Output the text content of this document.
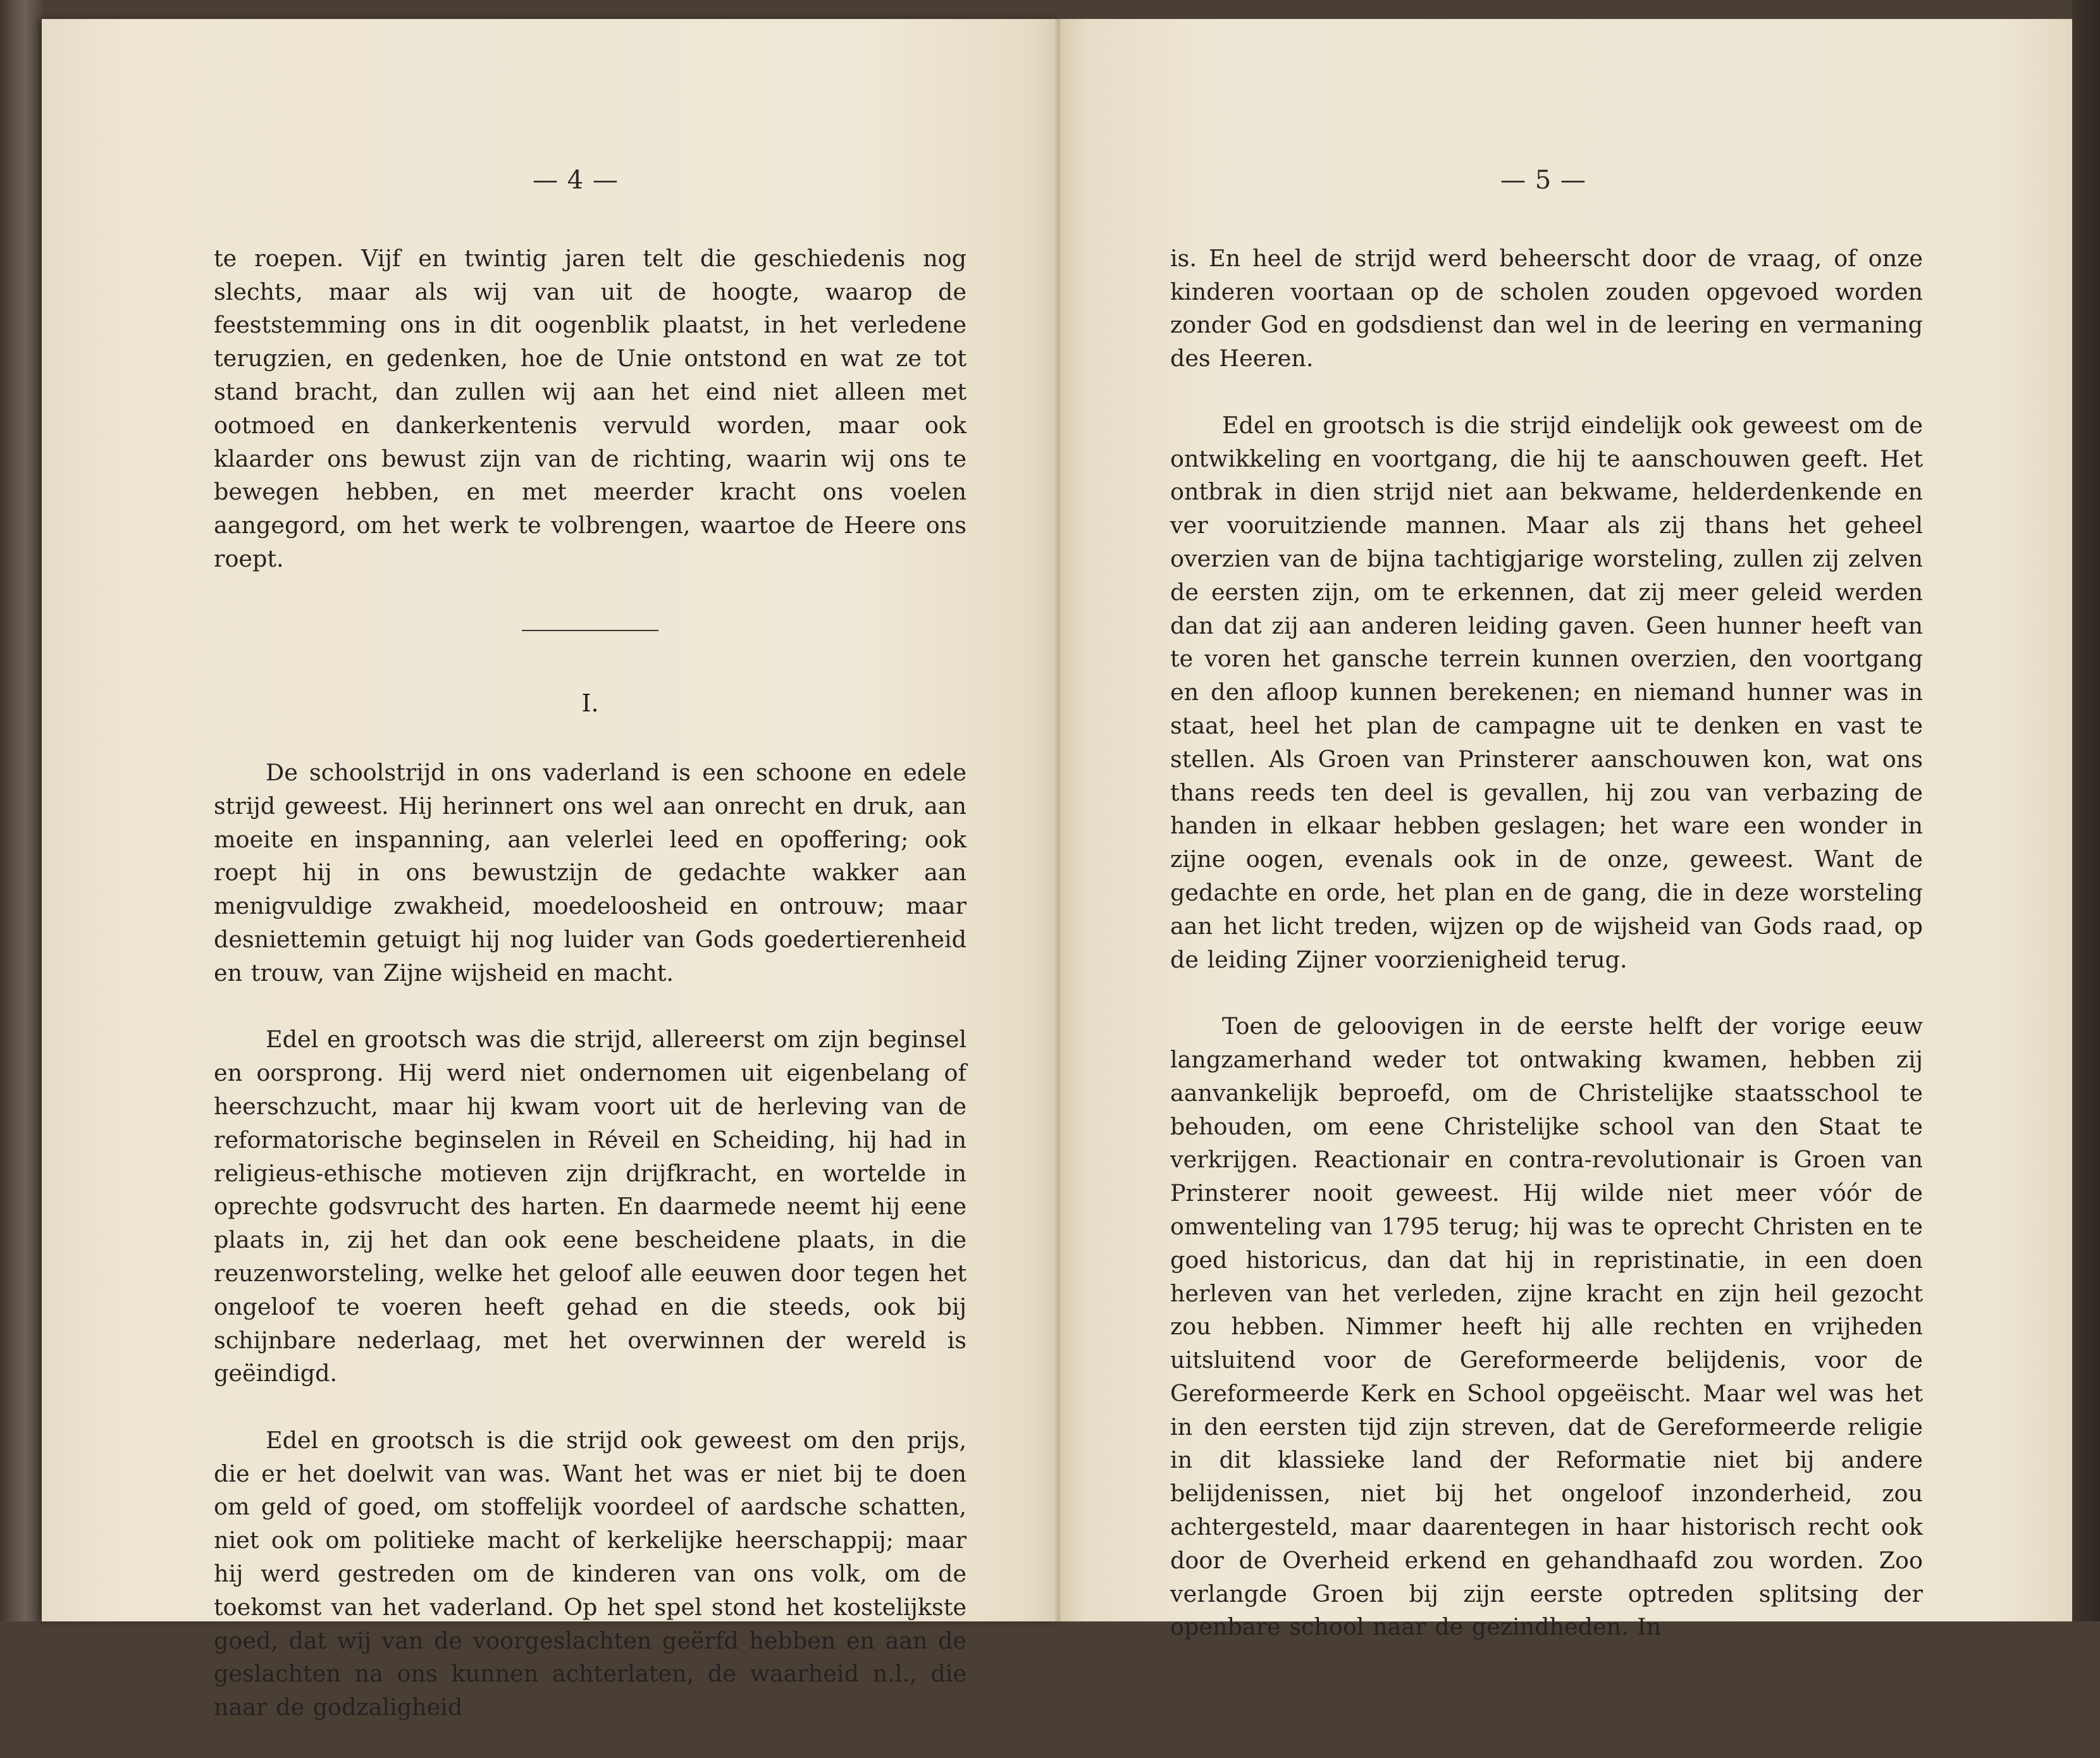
— 4 —	— 5 —

te roepen. Vijf en twintig jaren telt die geschiedenis nog slechts, maar als wij van uit de hoogte, waarop de feeststemming ons in dit oogenblik plaatst, in het verledene terugzien, en gedenken, hoe de Unie ontstond en wat ze tot stand bracht, dan zullen wij aan het eind niet alleen met ootmoed en dankerkentenis vervuld worden, maar ook klaarder ons bewust zijn van de richting, waarin wij ons te bewegen hebben, en met meerder kracht ons voelen aangegord, om het werk te volbrengen, waartoe de Heere ons roept.

I.

De schoolstrijd in ons vaderland is een schoone en edele strijd geweest. Hij herinnert ons wel aan onrecht en druk, aan moeite en inspanning, aan velerlei leed en opoffering; ook roept hij in ons bewustzijn de gedachte wakker aan menigvuldige zwakheid, moedeloosheid en ontrouw; maar desniettemin getuigt hij nog luider van Gods goedertierenheid en trouw, van Zijne wijsheid en macht.

Edel en grootsch was die strijd, allereerst om zijn beginsel en oorsprong. Hij werd niet ondernomen uit eigenbelang of heerschzucht, maar hij kwam voort uit de herleving van de reformatorische beginselen in Réveil en Scheiding, hij had in religieus-ethische motieven zijn drijfkracht, en wortelde in oprechte godsvrucht des harten. En daarmede neemt hij eene plaats in, zij het dan ook eene bescheidene plaats, in die reuzenworsteling, welke het geloof alle eeuwen door tegen het ongeloof te voeren heeft gehad en die steeds, ook bij schijnbare nederlaag, met het overwinnen der wereld is geëindigd.

Edel en grootsch is die strijd ook geweest om den prijs, die er het doelwit van was. Want het was er niet bij te doen om geld of goed, om stoffelijk voordeel of aardsche schatten, niet ook om politieke macht of kerkelijke heerschappij; maar hij werd gestreden om de kinderen van ons volk, om de toekomst van het vaderland. Op het spel stond het kostelijkste goed, dat wij van de voorgeslachten geërfd hebben en aan de geslachten na ons kunnen achterlaten, de waarheid n.l., die naar de godzaligheid

is. En heel de strijd werd beheerscht door de vraag, of onze kinderen voortaan op de scholen zouden opgevoed worden zonder God en godsdienst dan wel in de leering en vermaning des Heeren.

Edel en grootsch is die strijd eindelijk ook geweest om de ontwikkeling en voortgang, die hij te aanschouwen geeft. Het ontbrak in dien strijd niet aan bekwame, helderdenkende en ver vooruitziende mannen. Maar als zij thans het geheel overzien van de bijna tachtigjarige worsteling, zullen zij zelven de eersten zijn, om te erkennen, dat zij meer geleid werden dan dat zij aan anderen leiding gaven. Geen hunner heeft van te voren het gansche terrein kunnen overzien, den voortgang en den afloop kunnen berekenen; en niemand hunner was in staat, heel het plan de campagne uit te denken en vast te stellen. Als Groen van Prinsterer aanschouwen kon, wat ons thans reeds ten deel is gevallen, hij zou van verbazing de handen in elkaar hebben geslagen; het ware een wonder in zijne oogen, evenals ook in de onze, geweest. Want de gedachte en orde, het plan en de gang, die in deze worsteling aan het licht treden, wijzen op de wijsheid van Gods raad, op de leiding Zijner voorzienigheid terug.

Toen de geloovigen in de eerste helft der vorige eeuw langzamerhand weder tot ontwaking kwamen, hebben zij aanvankelijk beproefd, om de Christelijke staatsschool te behouden, om eene Christelijke school van den Staat te verkrijgen. Reactionair en contra-revolutionair is Groen van Prinsterer nooit geweest. Hij wilde niet meer vóór de omwenteling van 1795 terug; hij was te oprecht Christen en te goed historicus, dan dat hij in repristinatie, in een doen herleven van het verleden, zijne kracht en zijn heil gezocht zou hebben. Nimmer heeft hij alle rechten en vrijheden uitsluitend voor de Gereformeerde belijdenis, voor de Gereformeerde Kerk en School opgeëischt. Maar wel was het in den eersten tijd zijn streven, dat de Gereformeerde religie in dit klassieke land der Reformatie niet bij andere belijdenissen, niet bij het ongeloof inzonderheid, zou achtergesteld, maar daarentegen in haar historisch recht ook door de Overheid erkend en gehandhaafd zou worden. Zoo verlangde Groen bij zijn eerste optreden splitsing der openbare school naar de gezindheden. In
